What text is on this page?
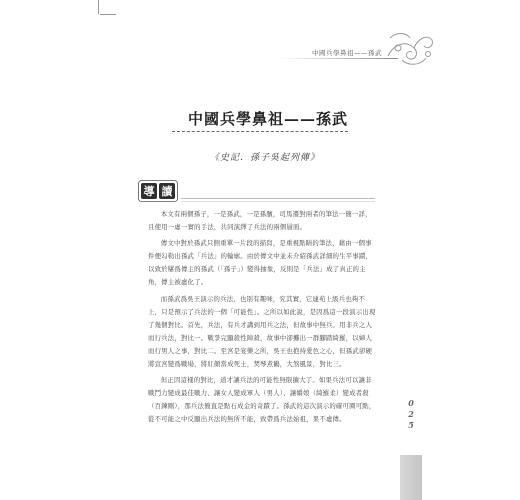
中國兵學鼻祖——孫武
中國兵學鼻祖——孫武
《史記．孫子吳起列傳》
導 讀

本文有兩個孫子，一是孫武，一是孫臏，司馬遷對兩者的筆法一簡一詳，且使用一虛一實的手法，共同演繹了兵法的兩個層面。

傳文中對於孫武只側重單一片段的描寫，是重視點睛的筆法，藉由一個事件便勾勒出孫武「兵法」的輪廓。由於傳文中並未介紹孫武詳細的生平事蹟，以致於屢爲傳主的孫武（「孫子」）變得抽象，反則是「兵法」成了真正的主角，傳主被虛化了。

而孫武爲吳王演示的兵法，也別有趣味，究其實，它連苑上級兵也夠不上，只是預示了兵法的一個「可能性」。之所以如此說，是因爲這一段演示出現了幾個對比。首先，兵法，有兵才講到用兵之法，但故事中無兵。用非兵之人而行兵法，對比一。戰爭完顯殺性陣殺，故事中卻攤出一群腳踏綺羅，以婦人而行男人之事，對比二。至宮是宴樂之所，吳王也抱持愛色之心，但孫武卻硬將宣宮變爲戰場，將紅顏當成死士，焚琴煮鶴，大煞風景，對比三。

但正因這樣的對比，道才讓兵法的可能性無限擴大了。如果兵法可以讓非戰鬥力變成最佳戰力、讓女人變成軍人（男人）、讓嬌娘（綺羅柔）變成者殺（百鍊剛），那兵法簡直是點石成金的奇蹟了。孫武的這次演示的確可圈可點，從不可能之中反顯出兵法的無所不能，致帶爲兵法始祖，果不虛傳。	025
